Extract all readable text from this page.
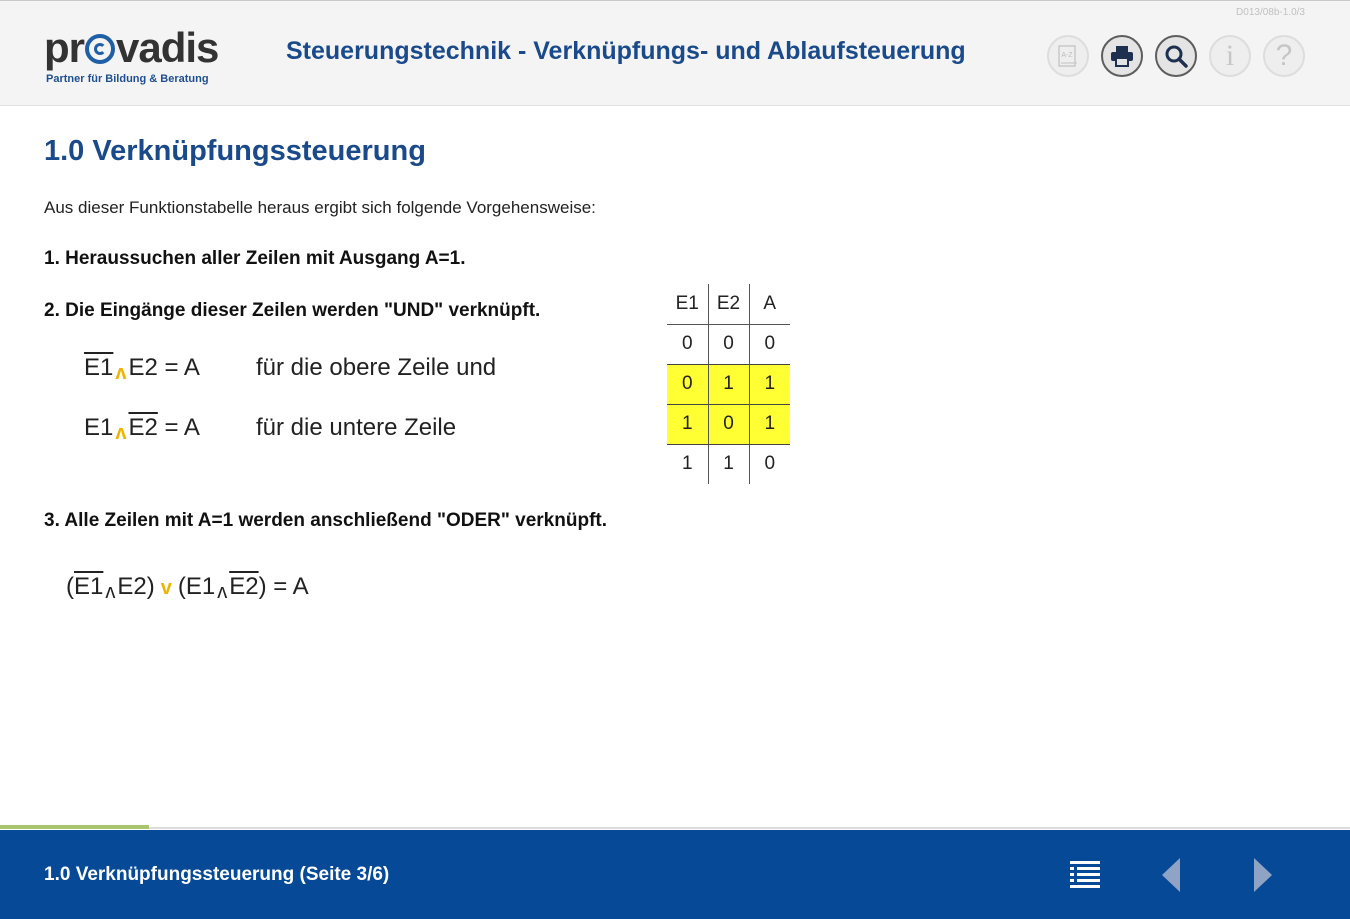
pr vadis
Partner für Bildung & Beratung
Steuerungstechnik - Verknüpfungs- und Ablaufsteuerung
D013/08b-1.0/3
A-Z	i ?
1.0 Verknüpfungssteuerung
Aus dieser Funktionstabelle heraus ergibt sich folgende Vorgehensweise:
1. Heraussuchen aller Zeilen mit Ausgang A=1.
2. Die Eingänge dieser Zeilen werden "UND" verknüpft.
E1 ʌE2 = A für die obere Zeile und
E1 ʌE2 = A für die untere Zeile
E1	E2	A
0	0	0
0	1	1
1	0	1
1	1	0
3. Alle Zeilen mit A=1 werden anschließend "ODER" verknüpft.
(E1 ʌE2) v (E1 ʌE2) = A
1.0 Verknüpfungssteuerung (Seite 3/6)
